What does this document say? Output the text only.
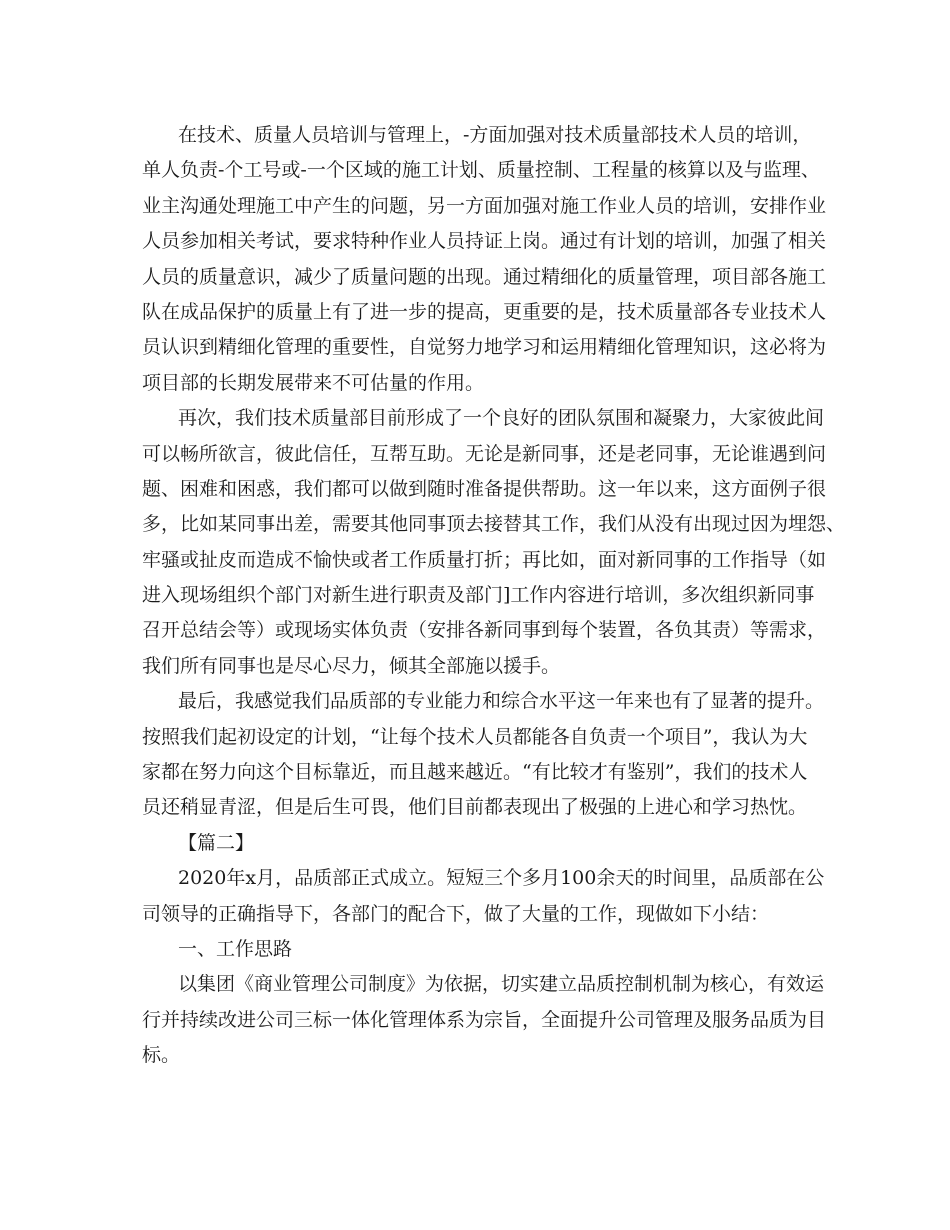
在技术、质量人员培训与管理上，-方面加强对技术质量部技术人员的培训，
单人负责-个工号或-一个区域的施工计划、质量控制、工程量的核算以及与监理、
业主沟通处理施工中产生的问题，另一方面加强对施工作业人员的培训，安排作业
人员参加相关考试，要求特种作业人员持证上岗。通过有计划的培训，加强了相关
人员的质量意识，减少了质量问题的出现。通过精细化的质量管理，项目部各施工
队在成品保护的质量上有了进一步的提高，更重要的是，技术质量部各专业技术人
员认识到精细化管理的重要性，自觉努力地学习和运用精细化管理知识，这必将为
项目部的长期发展带来不可估量的作用。
再次，我们技术质量部目前形成了一个良好的团队氛围和凝聚力，大家彼此间
可以畅所欲言，彼此信任，互帮互助。无论是新同事，还是老同事，无论谁遇到问
题、困难和困惑，我们都可以做到随时准备提供帮助。这一年以来，这方面例子很
多，比如某同事出差，需要其他同事顶去接替其工作，我们从没有出现过因为埋怨、
牢骚或扯皮而造成不愉快或者工作质量打折；再比如，面对新同事的工作指导（如
进入现场组织个部门对新生进行职责及部门]工作内容进行培训，多次组织新同事
召开总结会等）或现场实体负责（安排各新同事到每个装置，各负其责）等需求，
我们所有同事也是尽心尽力，倾其全部施以援手。
最后，我感觉我们品质部的专业能力和综合水平这一年来也有了显著的提升。
按照我们起初设定的计划，“让每个技术人员都能各自负责一个项目”，我认为大
家都在努力向这个目标靠近，而且越来越近。“有比较才有鉴别”，我们的技术人
员还稍显青涩，但是后生可畏，他们目前都表现出了极强的上进心和学习热忱。
【篇二】
2020年x月，品质部正式成立。短短三个多月100余天的时间里，品质部在公
司领导的正确指导下，各部门的配合下，做了大量的工作，现做如下小结：
一、工作思路
以集团《商业管理公司制度》为依据，切实建立品质控制机制为核心，有效运
行并持续改进公司三标一体化管理体系为宗旨，全面提升公司管理及服务品质为目
标。
